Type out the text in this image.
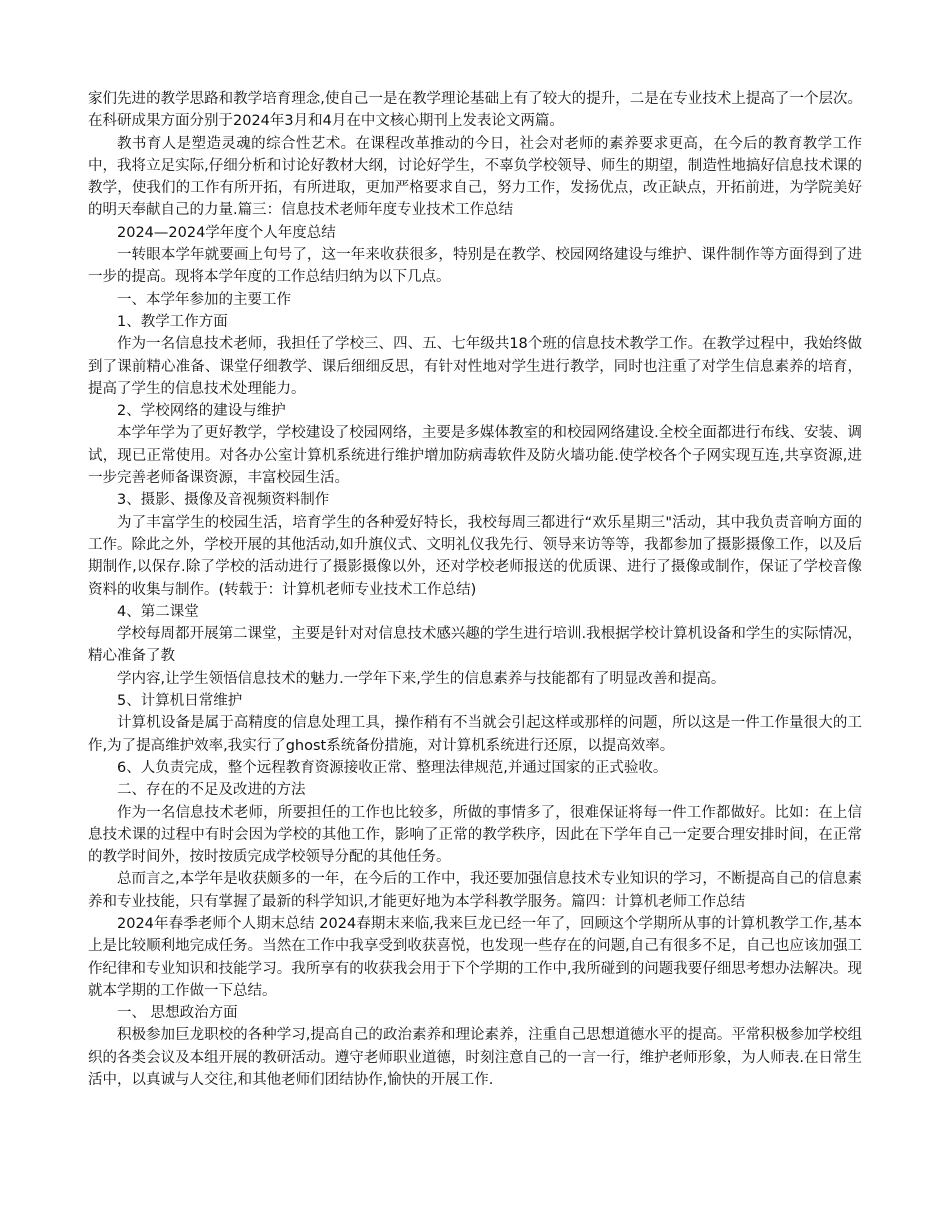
家们先进的教学思路和教学培育理念,使自己一是在教学理论基础上有了较大的提升，二是在专业技术上提高了一个层次。在科研成果方面分别于2024年3月和4月在中文核心期刊上发表论文两篇。

教书育人是塑造灵魂的综合性艺术。在课程改革推动的今日，社会对老师的素养要求更高，在今后的教育教学工作中，我将立足实际,仔细分析和讨论好教材大纲，讨论好学生，不辜负学校领导、师生的期望，制造性地搞好信息技术课的教学，使我们的工作有所开拓，有所进取，更加严格要求自己，努力工作，发扬优点，改正缺点，开拓前进，为学院美好的明天奉献自己的力量.篇三：信息技术老师年度专业技术工作总结

2024—2024学年度个人年度总结

一转眼本学年就要画上句号了，这一年来收获很多，特别是在教学、校园网络建设与维护、课件制作等方面得到了进一步的提高。现将本学年度的工作总结归纳为以下几点。

一、本学年参加的主要工作

1、教学工作方面

作为一名信息技术老师，我担任了学校三、四、五、七年级共18个班的信息技术教学工作。在教学过程中，我始终做到了课前精心准备、课堂仔细教学、课后细细反思，有针对性地对学生进行教学，同时也注重了对学生信息素养的培育，提高了学生的信息技术处理能力。

2、学校网络的建设与维护

本学年学为了更好教学，学校建设了校园网络，主要是多媒体教室的和校园网络建设.全校全面都进行布线、安装、调试，现已正常使用。对各办公室计算机系统进行维护增加防病毒软件及防火墙功能.使学校各个子网实现互连,共享资源,进一步完善老师备课资源，丰富校园生活。

3、摄影、摄像及音视频资料制作

为了丰富学生的校园生活，培育学生的各种爱好特长，我校每周三都进行“欢乐星期三"活动，其中我负责音响方面的工作。除此之外，学校开展的其他活动,如升旗仪式、文明礼仪我先行、领导来访等等，我都参加了摄影摄像工作，以及后期制作,以保存.除了学校的活动进行了摄影摄像以外，还对学校老师报送的优质课、进行了摄像或制作，保证了学校音像资料的收集与制作。(转载于：计算机老师专业技术工作总结)

4、第二课堂

学校每周都开展第二课堂，主要是针对对信息技术感兴趣的学生进行培训.我根据学校计算机设备和学生的实际情况，精心准备了教

学内容,让学生领悟信息技术的魅力.一学年下来,学生的信息素养与技能都有了明显改善和提高。

5、计算机日常维护

计算机设备是属于高精度的信息处理工具，操作稍有不当就会引起这样或那样的问题，所以这是一件工作量很大的工作,为了提高维护效率,我实行了ghost系统备份措施，对计算机系统进行还原，以提高效率。

6、人负责完成，整个远程教育资源接收正常、整理法律规范,并通过国家的正式验收。

二、存在的不足及改进的方法

作为一名信息技术老师，所要担任的工作也比较多，所做的事情多了，很难保证将每一件工作都做好。比如：在上信息技术课的过程中有时会因为学校的其他工作，影响了正常的教学秩序，因此在下学年自己一定要合理安排时间，在正常的教学时间外，按时按质完成学校领导分配的其他任务。

总而言之,本学年是收获颇多的一年，在今后的工作中，我还要加强信息技术专业知识的学习，不断提高自己的信息素养和专业技能，只有掌握了最新的科学知识,才能更好地为本学科教学服务。篇四：计算机老师工作总结

2024年春季老师个人期末总结 2024春期末来临,我来巨龙已经一年了，回顾这个学期所从事的计算机教学工作,基本上是比较顺利地完成任务。当然在工作中我享受到收获喜悦，也发现一些存在的问题,自己有很多不足，自己也应该加强工作纪律和专业知识和技能学习。我所享有的收获我会用于下个学期的工作中,我所碰到的问题我要仔细思考想办法解决。现就本学期的工作做一下总结。

一、 思想政治方面

积极参加巨龙职校的各种学习,提高自己的政治素养和理论素养，注重自己思想道德水平的提高。平常积极参加学校组织的各类会议及本组开展的教研活动。遵守老师职业道德，时刻注意自己的一言一行，维护老师形象，为人师表.在日常生活中，以真诚与人交往,和其他老师们团结协作,愉快的开展工作.
